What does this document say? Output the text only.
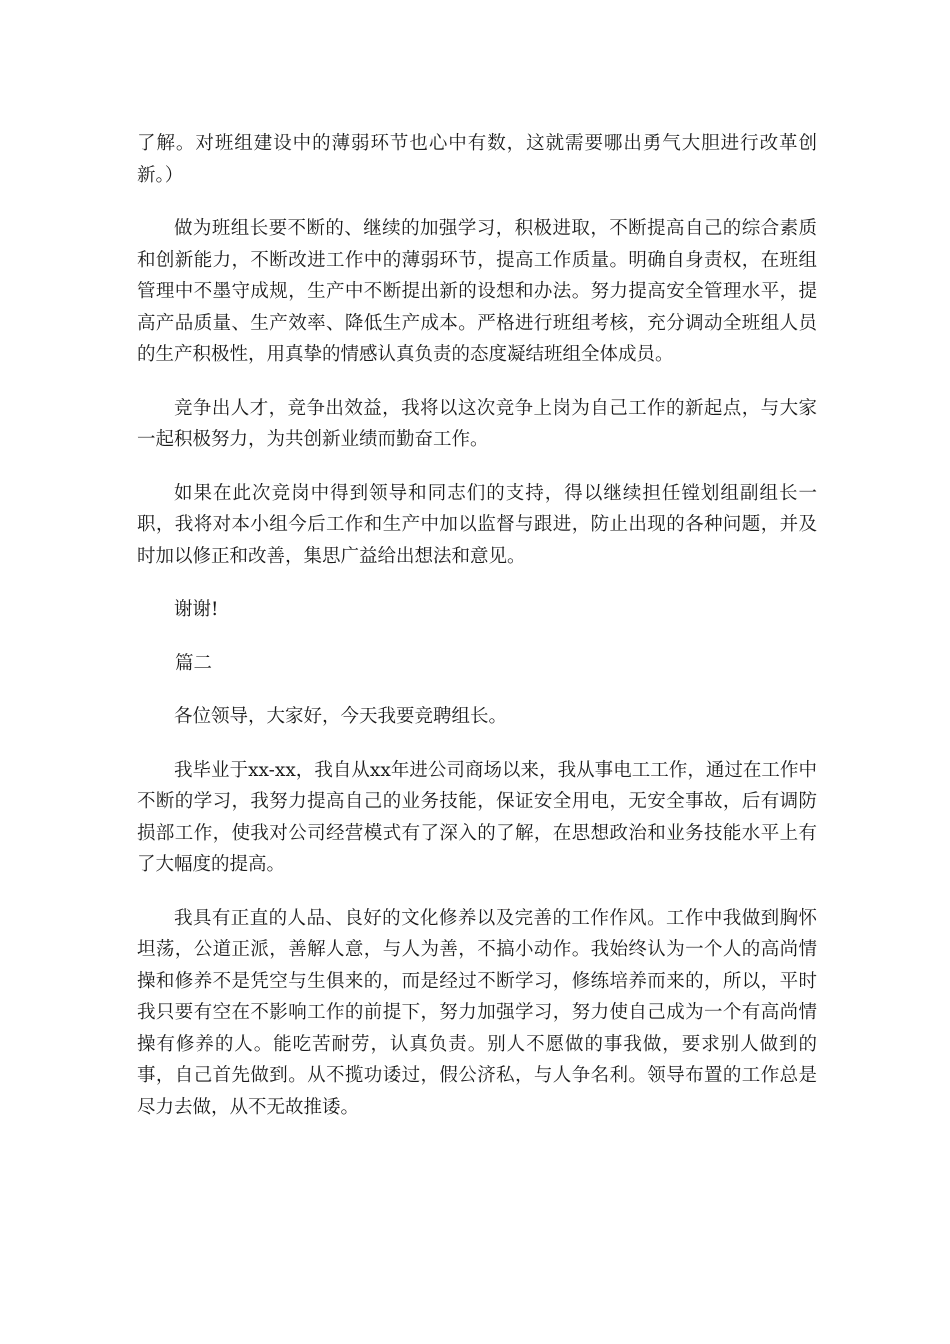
了解。对班组建设中的薄弱环节也心中有数，这就需要哪出勇气大胆进行改革创新。）

做为班组长要不断的、继续的加强学习，积极进取，不断提高自己的综合素质和创新能力，不断改进工作中的薄弱环节，提高工作质量。明确自身责权，在班组管理中不墨守成规，生产中不断提出新的设想和办法。努力提高安全管理水平，提高产品质量、生产效率、降低生产成本。严格进行班组考核，充分调动全班组人员的生产积极性，用真挚的情感认真负责的态度凝结班组全体成员。

竞争出人才，竞争出效益，我将以这次竞争上岗为自己工作的新起点，与大家一起积极努力，为共创新业绩而勤奋工作。

如果在此次竞岗中得到领导和同志们的支持，得以继续担任镗划组副组长一职，我将对本小组今后工作和生产中加以监督与跟进，防止出现的各种问题，并及时加以修正和改善，集思广益给出想法和意见。

谢谢!

篇二

各位领导，大家好，今天我要竞聘组长。

我毕业于xx-xx，我自从xx年进公司商场以来，我从事电工工作，通过在工作中不断的学习，我努力提高自己的业务技能，保证安全用电，无安全事故，后有调防损部工作，使我对公司经营模式有了深入的了解，在思想政治和业务技能水平上有了大幅度的提高。

我具有正直的人品、良好的文化修养以及完善的工作作风。工作中我做到胸怀坦荡，公道正派，善解人意，与人为善，不搞小动作。我始终认为一个人的高尚情操和修养不是凭空与生俱来的，而是经过不断学习，修练培养而来的，所以，平时我只要有空在不影响工作的前提下，努力加强学习，努力使自己成为一个有高尚情操有修养的人。能吃苦耐劳，认真负责。别人不愿做的事我做，要求别人做到的事，自己首先做到。从不揽功诿过，假公济私，与人争名利。领导布置的工作总是尽力去做，从不无故推诿。
